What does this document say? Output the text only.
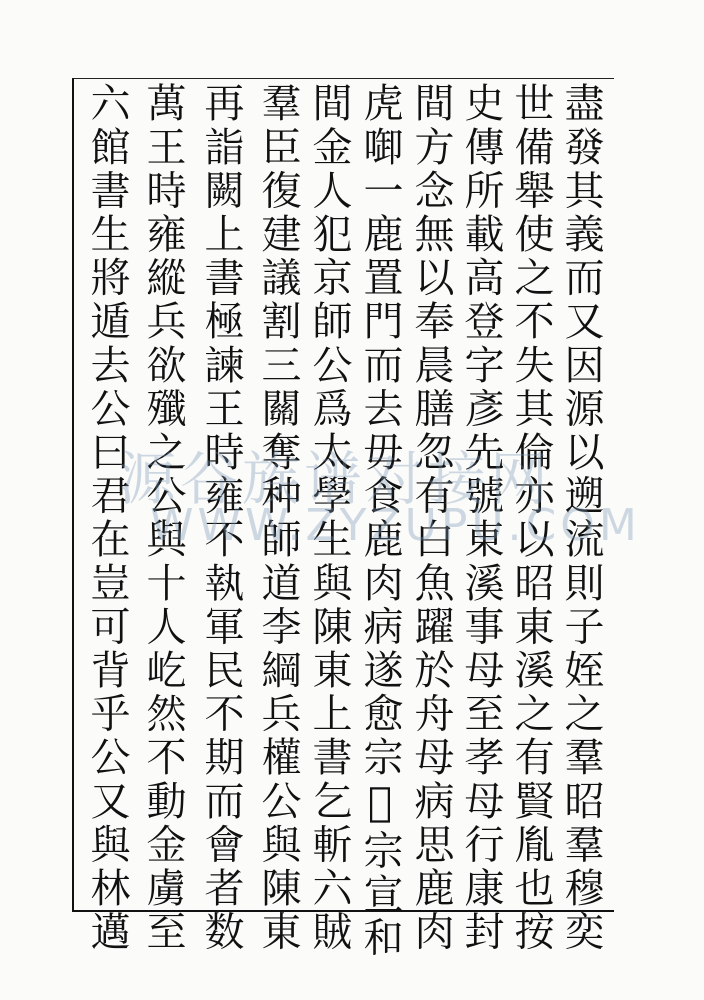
盡發其義而又因源以遡流則子姪之羣昭羣穆奕
世備舉使之不失其倫亦以昭東溪之有賢胤也按
史傳所載高登字彥先號東溪事母至孝母行康封
間方念無以奉晨膳忽有白魚躍於舟母病思鹿肉
虎啣一鹿置門而去毋食鹿肉病遂愈宗𡺚宗宣和
間金人犯京師公爲太學生與陳東上書乞斬六賊
羣臣復建議割三關奪种師道李綱兵權公與陳東
再詣闕上書極諫王時雍不執軍民不期而會者数
萬王時雍縱兵欲殲之公與十人屹然不動金虜至
六館書生將遁去公曰君在豈可背乎公又與林邁
源谷族谱对接网
WWW.ZYZUPU.COM
